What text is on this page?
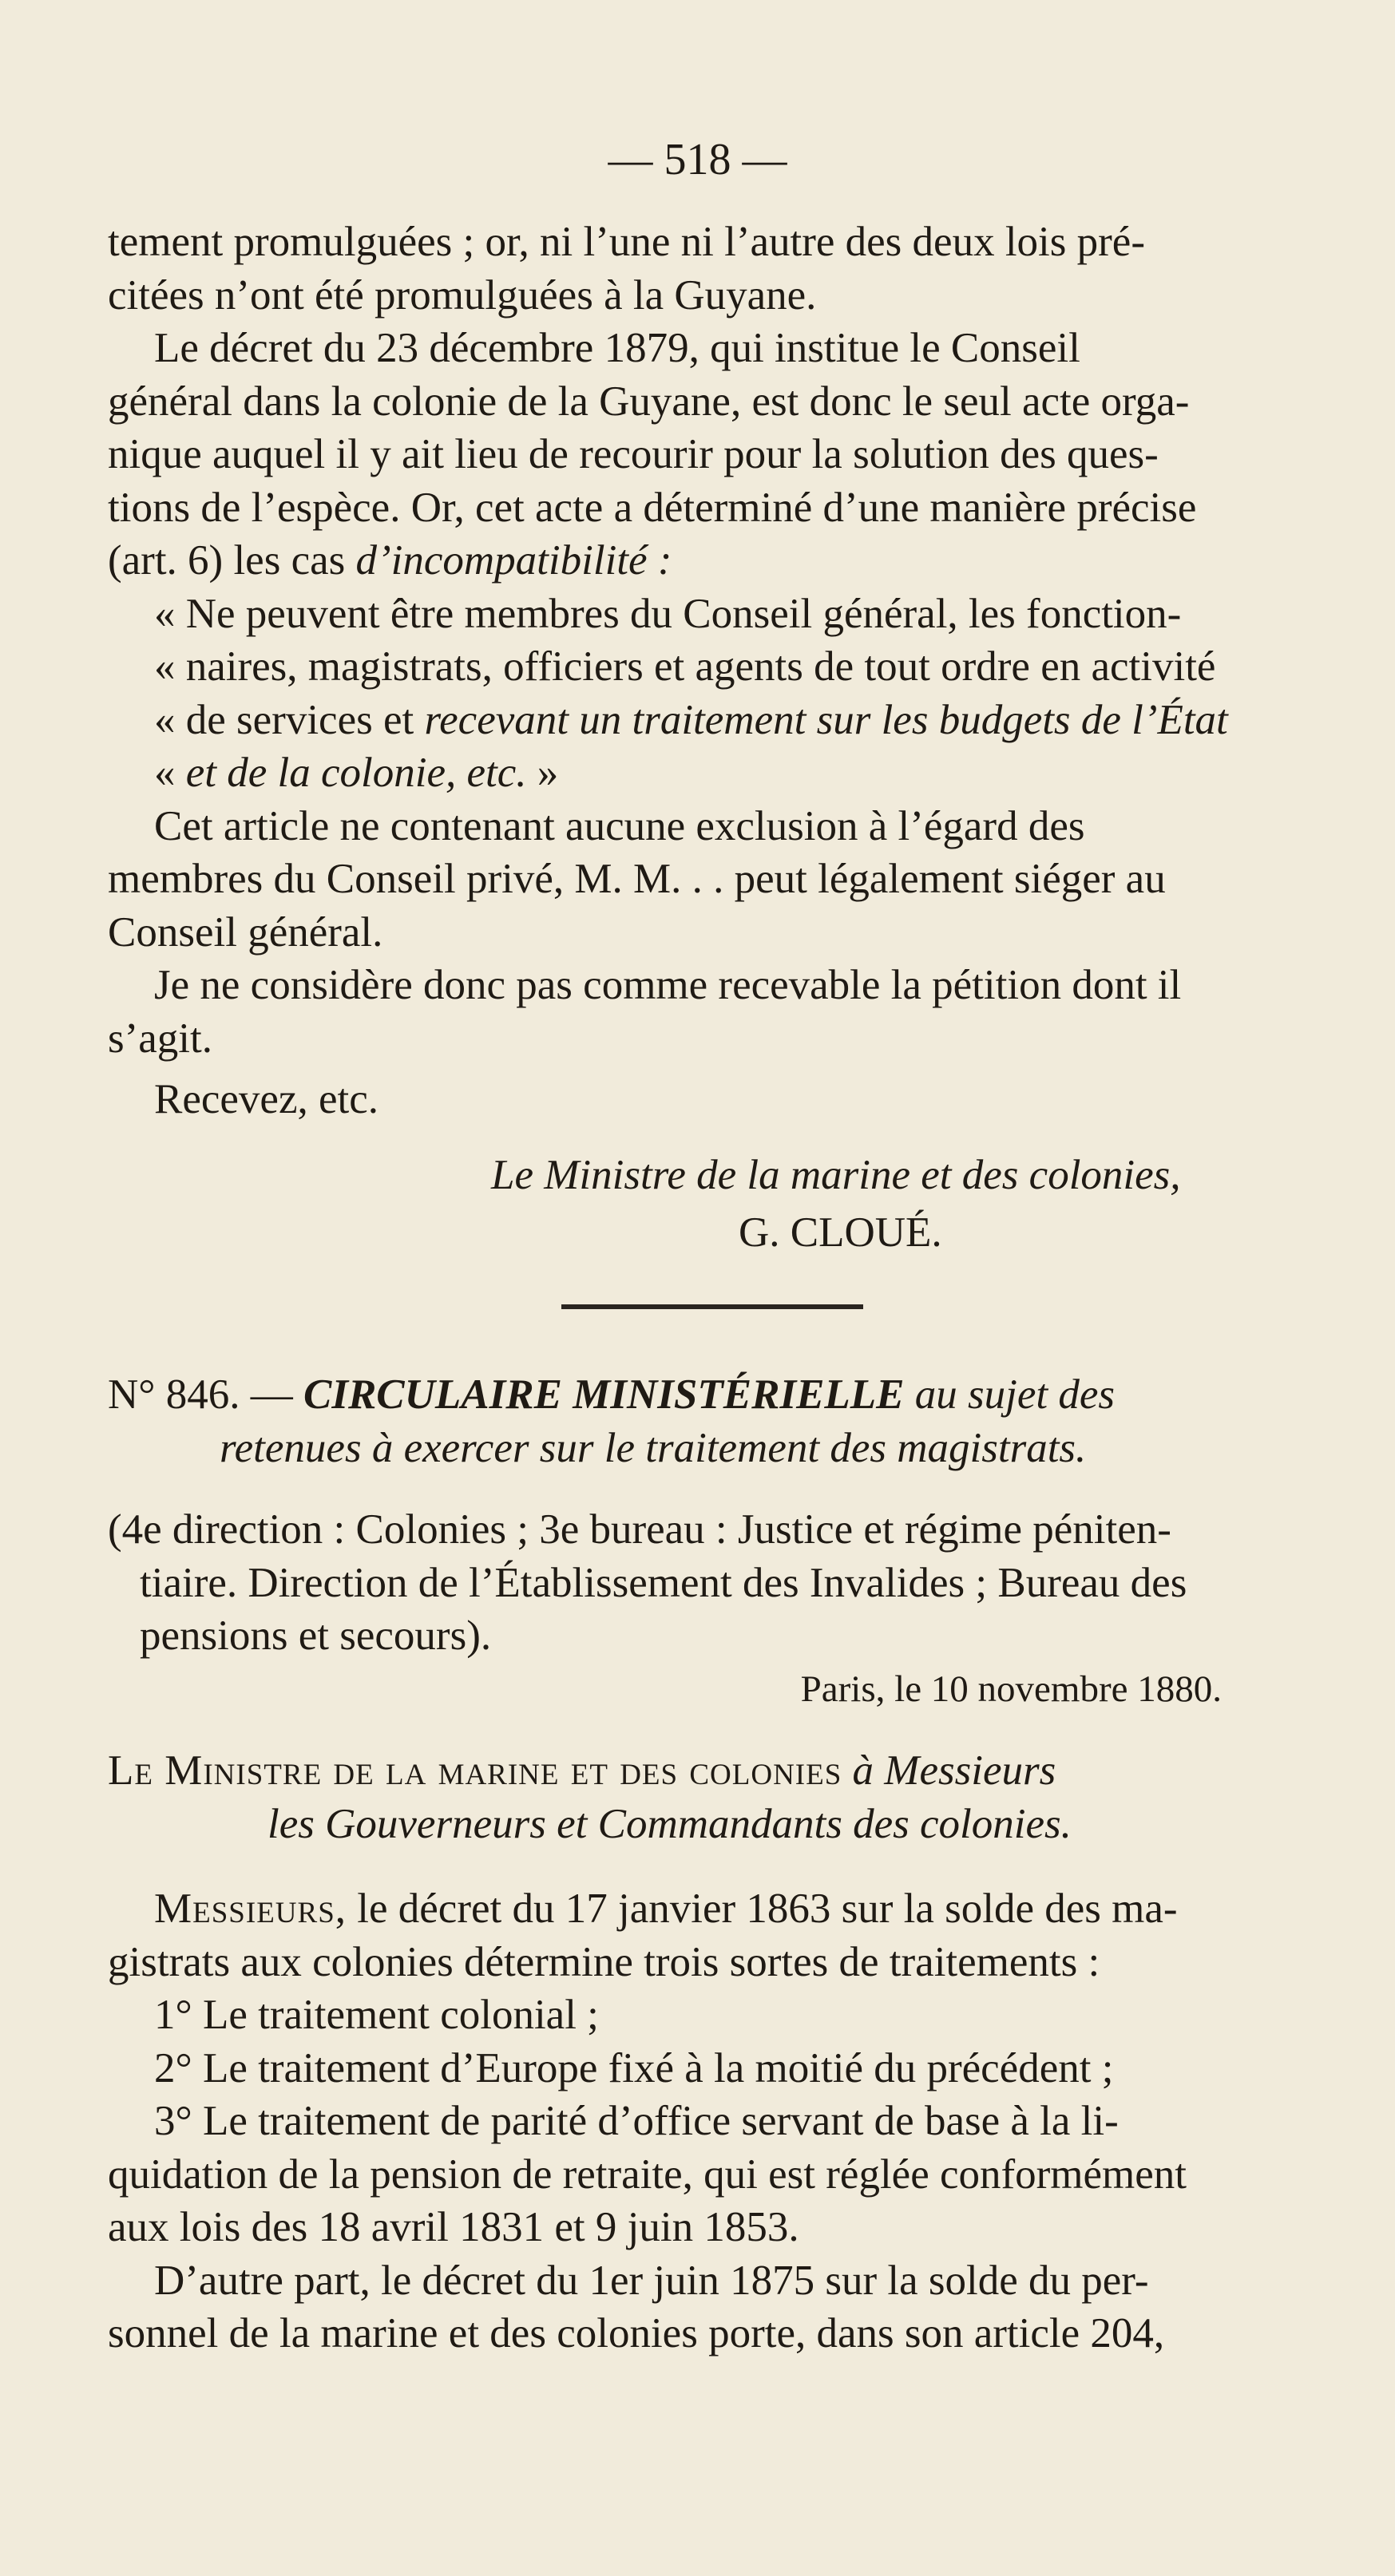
— 518 —
tement promulguées ; or, ni l’une ni l’autre des deux lois pré-
citées n’ont été promulguées à la Guyane.
Le décret du 23 décembre 1879, qui institue le Conseil
général dans la colonie de la Guyane, est donc le seul acte orga-
nique auquel il y ait lieu de recourir pour la solution des ques-
tions de l’espèce. Or, cet acte a déterminé d’une manière précise
(art. 6) les cas d’incompatibilité :
« Ne peuvent être membres du Conseil général, les fonction-
« naires, magistrats, officiers et agents de tout ordre en activité
« de services et recevant un traitement sur les budgets de l’État
« et de la colonie, etc. »
Cet article ne contenant aucune exclusion à l’égard des
membres du Conseil privé, M. M. . . peut légalement siéger au
Conseil général.
Je ne considère donc pas comme recevable la pétition dont il
s’agit.
Recevez, etc.
Le Ministre de la marine et des colonies,
G. CLOUÉ.
N° 846. — CIRCULAIRE MINISTÉRIELLE au sujet des
retenues à exercer sur le traitement des magistrats.
(4e direction : Colonies ; 3e bureau : Justice et régime péniten-
tiaire. Direction de l’Établissement des Invalides ; Bureau des
pensions et secours).
Paris, le 10 novembre 1880.
Le Ministre de la marine et des colonies à Messieurs
les Gouverneurs et Commandants des colonies.
Messieurs, le décret du 17 janvier 1863 sur la solde des ma-
gistrats aux colonies détermine trois sortes de traitements :
1° Le traitement colonial ;
2° Le traitement d’Europe fixé à la moitié du précédent ;
3° Le traitement de parité d’office servant de base à la li-
quidation de la pension de retraite, qui est réglée conformément
aux lois des 18 avril 1831 et 9 juin 1853.
D’autre part, le décret du 1er juin 1875 sur la solde du per-
sonnel de la marine et des colonies porte, dans son article 204,
